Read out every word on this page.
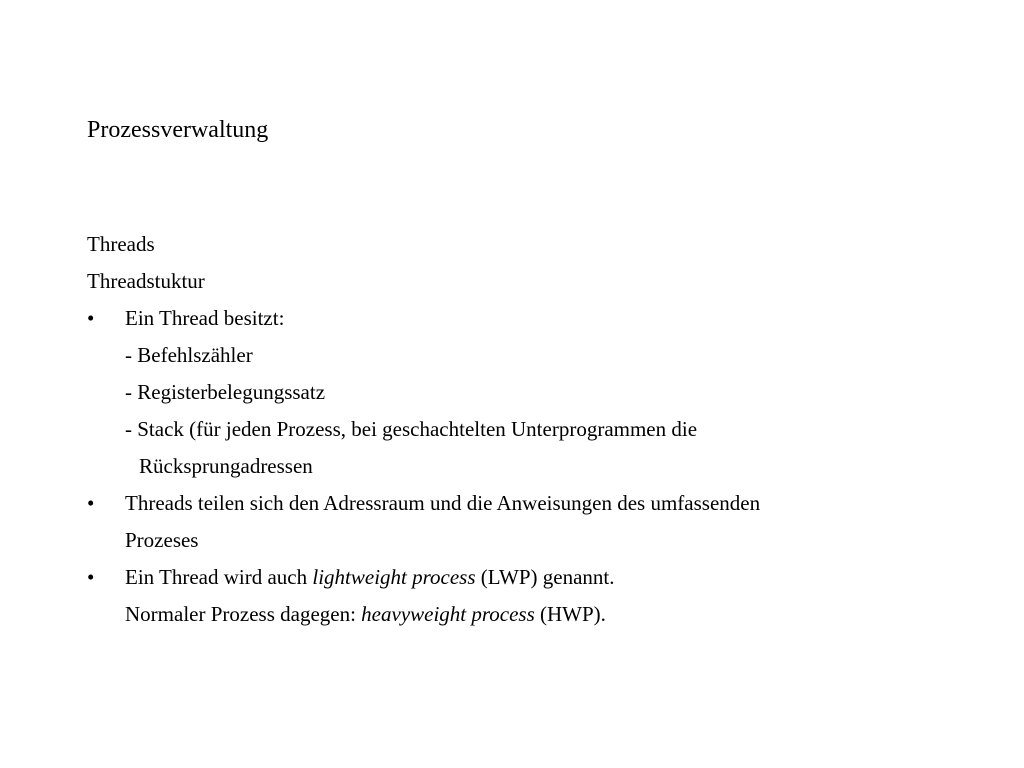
Prozessverwaltung
Threads
Threadstuktur
• Ein Thread besitzt:
- Befehlszähler
- Registerbelegungssatz
- Stack (für jeden Prozess, bei geschachtelten Unterprogrammen die
Rücksprungadressen
• Threads teilen sich den Adressraum und die Anweisungen des umfassenden
Prozeses
• Ein Thread wird auch lightweight process (LWP) genannt.
Normaler Prozess dagegen: heavyweight process (HWP).
